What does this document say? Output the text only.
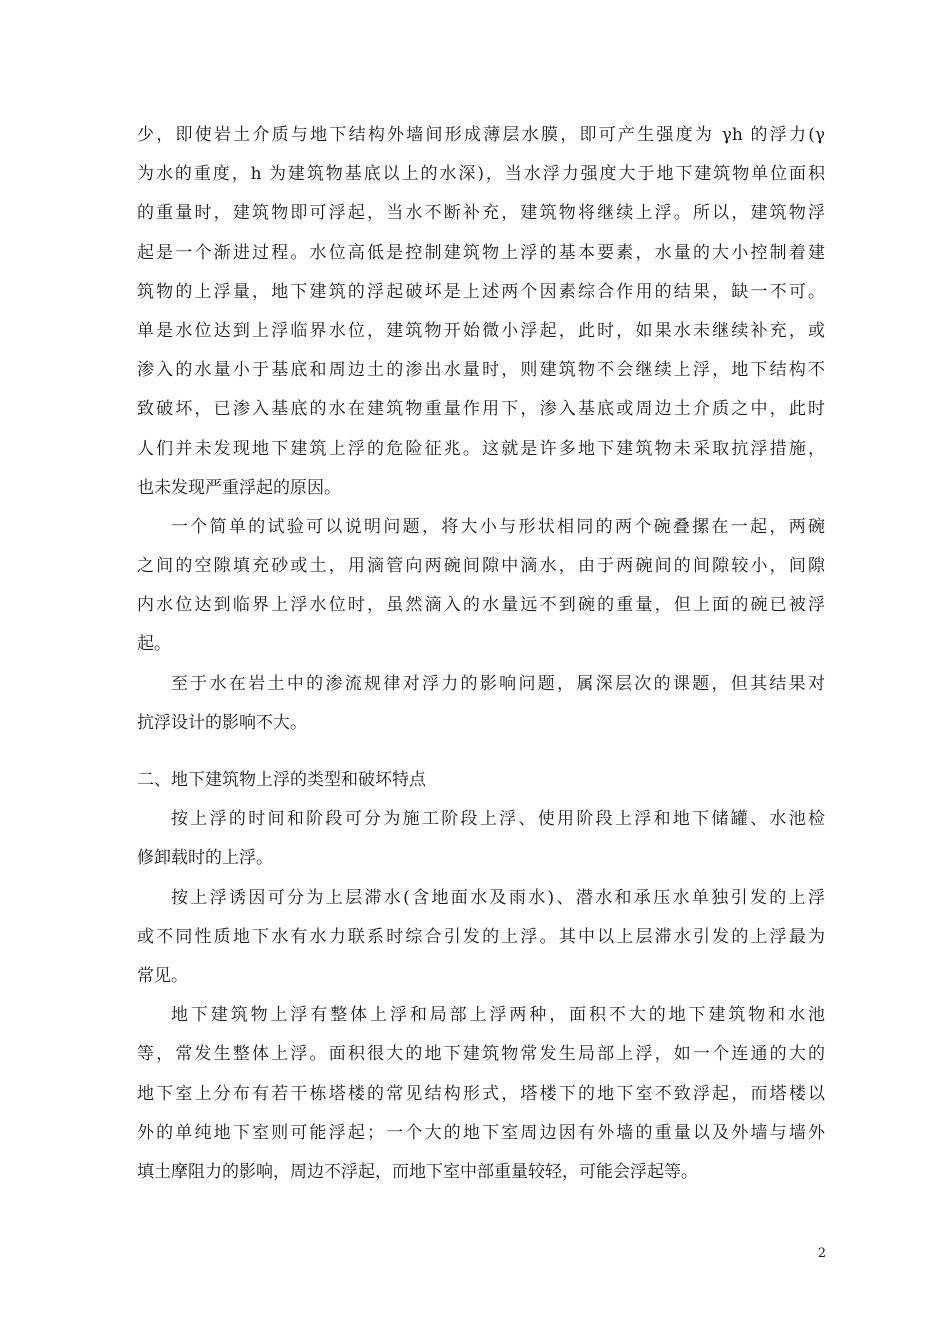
少，即使岩土介质与地下结构外墙间形成薄层水膜，即可产生强度为 γh 的浮力(γ
为水的重度，h 为建筑物基底以上的水深)，当水浮力强度大于地下建筑物单位面积
的重量时，建筑物即可浮起，当水不断补充，建筑物将继续上浮。所以，建筑物浮
起是一个渐进过程。水位高低是控制建筑物上浮的基本要素，水量的大小控制着建
筑物的上浮量，地下建筑的浮起破坏是上述两个因素综合作用的结果，缺一不可。
单是水位达到上浮临界水位，建筑物开始微小浮起，此时，如果水未继续补充，或
渗入的水量小于基底和周边土的渗出水量时，则建筑物不会继续上浮，地下结构不
致破坏，已渗入基底的水在建筑物重量作用下，渗入基底或周边土介质之中，此时
人们并未发现地下建筑上浮的危险征兆。这就是许多地下建筑物未采取抗浮措施，
也未发现严重浮起的原因。
一个简单的试验可以说明问题，将大小与形状相同的两个碗叠摞在一起，两碗
之间的空隙填充砂或土，用滴管向两碗间隙中滴水，由于两碗间的间隙较小，间隙
内水位达到临界上浮水位时，虽然滴入的水量远不到碗的重量，但上面的碗已被浮
起。
至于水在岩土中的渗流规律对浮力的影响问题，属深层次的课题，但其结果对
抗浮设计的影响不大。
二、地下建筑物上浮的类型和破坏特点
按上浮的时间和阶段可分为施工阶段上浮、使用阶段上浮和地下储罐、水池检
修卸载时的上浮。
按上浮诱因可分为上层滞水(含地面水及雨水)、潜水和承压水单独引发的上浮
或不同性质地下水有水力联系时综合引发的上浮。其中以上层滞水引发的上浮最为
常见。
地下建筑物上浮有整体上浮和局部上浮两种，面积不大的地下建筑物和水池
等，常发生整体上浮。面积很大的地下建筑物常发生局部上浮，如一个连通的大的
地下室上分布有若干栋塔楼的常见结构形式，塔楼下的地下室不致浮起，而塔楼以
外的单纯地下室则可能浮起；一个大的地下室周边因有外墙的重量以及外墙与墙外
填土摩阻力的影响，周边不浮起，而地下室中部重量较轻，可能会浮起等。
2
